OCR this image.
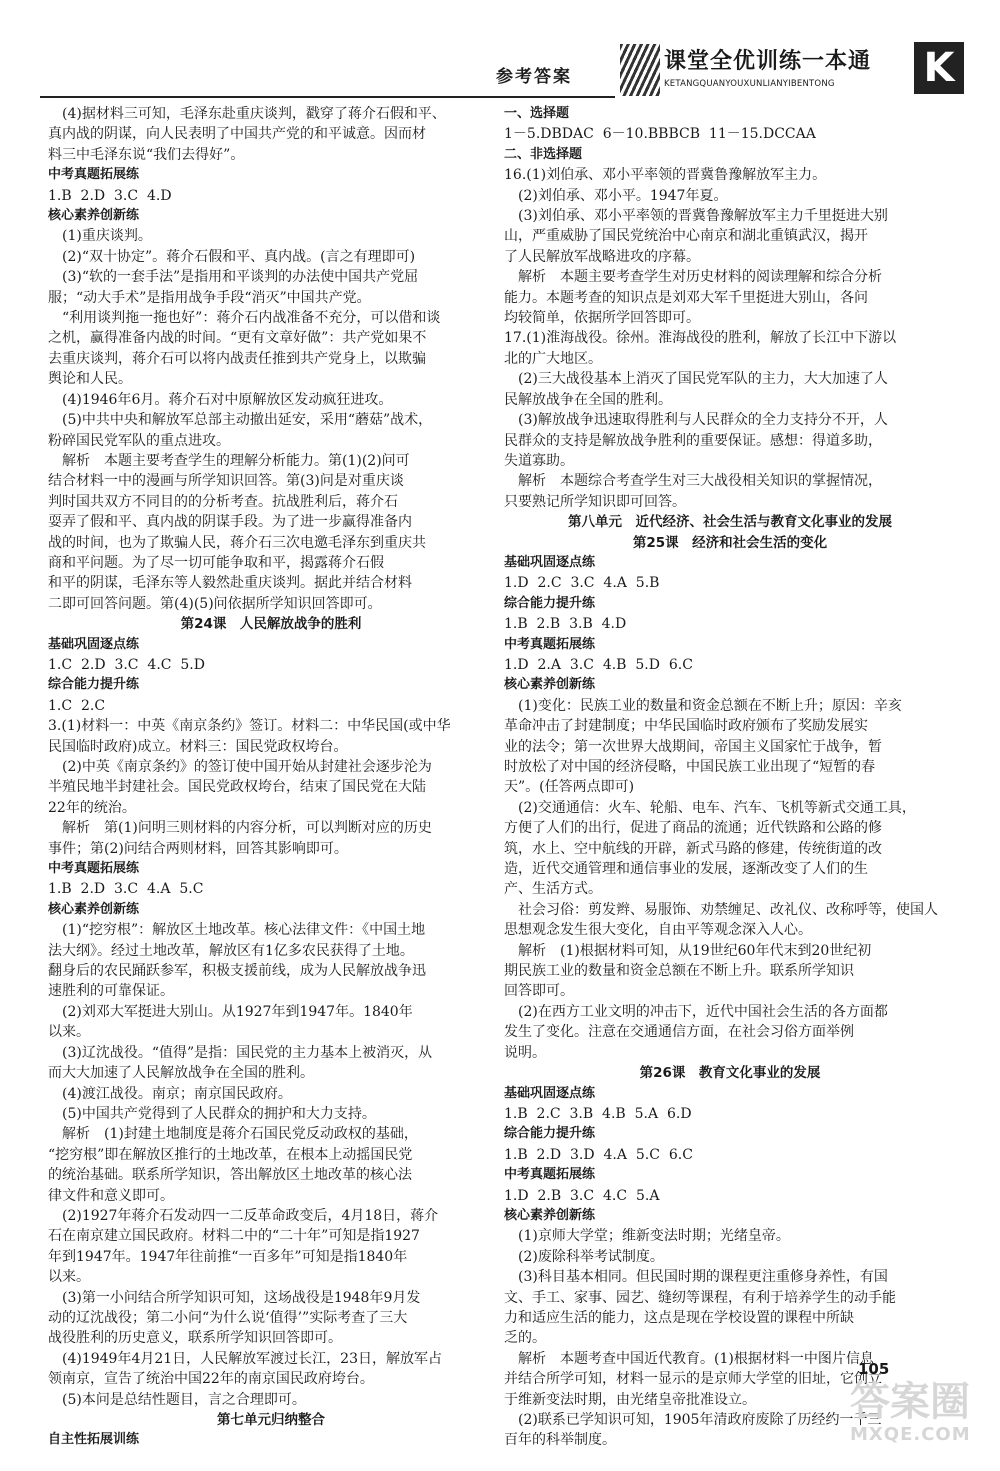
参考答案
课堂全优训练一本通
KETANGQUANYOUXUNLIANYIBENTONG	K

(4)据材料三可知，毛泽东赴重庆谈判，戳穿了蒋介石假和平、

真内战的阴谋，向人民表明了中国共产党的和平诚意。因而材

料三中毛泽东说“我们去得好”。

中考真题拓展练

1.B  2.D  3.C  4.D

核心素养创新练

(1)重庆谈判。

(2)“双十协定”。蒋介石假和平、真内战。(言之有理即可)

(3)“软的一套手法”是指用和平谈判的办法使中国共产党屈

服；“动大手术”是指用战争手段“消灭”中国共产党。

“利用谈判拖一拖也好”：蒋介石内战准备不充分，可以借和谈

之机，赢得准备内战的时间。“更有文章好做”：共产党如果不

去重庆谈判，蒋介石可以将内战责任推到共产党身上，以欺骗

舆论和人民。

(4)1946年6月。蒋介石对中原解放区发动疯狂进攻。

(5)中共中央和解放军总部主动撤出延安，采用“蘑菇”战术，

粉碎国民党军队的重点进攻。

解析　本题主要考查学生的理解分析能力。第(1)(2)问可

结合材料一中的漫画与所学知识回答。第(3)问是对重庆谈

判时国共双方不同目的的分析考查。抗战胜利后，蒋介石

耍弄了假和平、真内战的阴谋手段。为了进一步赢得准备内

战的时间，也为了欺骗人民，蒋介石三次电邀毛泽东到重庆共

商和平问题。为了尽一切可能争取和平，揭露蒋介石假

和平的阴谋，毛泽东等人毅然赴重庆谈判。据此并结合材料

二即可回答问题。第(4)(5)问依据所学知识回答即可。

第24课　人民解放战争的胜利

基础巩固逐点练

1.C  2.D  3.C  4.C  5.D

综合能力提升练

1.C  2.C

3.(1)材料一：中英《南京条约》签订。材料二：中华民国(或中华

民国临时政府)成立。材料三：国民党政权垮台。

(2)中英《南京条约》的签订使中国开始从封建社会逐步沦为

半殖民地半封建社会。国民党政权垮台，结束了国民党在大陆

22年的统治。

解析　第(1)问明三则材料的内容分析，可以判断对应的历史

事件；第(2)问结合两则材料，回答其影响即可。

中考真题拓展练

1.B  2.D  3.C  4.A  5.C

核心素养创新练

(1)“挖穷根”：解放区土地改革。核心法律文件：《中国土地

法大纲》。经过土地改革，解放区有1亿多农民获得了土地。

翻身后的农民踊跃参军，积极支援前线，成为人民解放战争迅

速胜利的可靠保证。

(2)刘邓大军挺进大别山。从1927年到1947年。1840年

以来。

(3)辽沈战役。“值得”是指：国民党的主力基本上被消灭，从

而大大加速了人民解放战争在全国的胜利。

(4)渡江战役。南京；南京国民政府。

(5)中国共产党得到了人民群众的拥护和大力支持。

解析　(1)封建土地制度是蒋介石国民党反动政权的基础，

“挖穷根”即在解放区推行的土地改革，在根本上动摇国民党

的统治基础。联系所学知识，答出解放区土地改革的核心法

律文件和意义即可。

(2)1927年蒋介石发动四一二反革命政变后，4月18日，蒋介

石在南京建立国民政府。材料二中的“二十年”可知是指1927

年到1947年。1947年往前推“一百多年”可知是指1840年

以来。

(3)第一小问结合所学知识可知，这场战役是1948年9月发

动的辽沈战役；第二小问“为什么说‘值得’”实际考查了三大

战役胜利的历史意义，联系所学知识回答即可。

(4)1949年4月21日，人民解放军渡过长江，23日，解放军占

领南京，宣告了统治中国22年的南京国民政府垮台。

(5)本问是总结性题目，言之合理即可。

第七单元归纳整合

自主性拓展训练

一、选择题

1－5.DBDAC  6－10.BBBCB  11－15.DCCAA

二、非选择题

16.(1)刘伯承、邓小平率领的晋冀鲁豫解放军主力。

(2)刘伯承、邓小平。1947年夏。

(3)刘伯承、邓小平率领的晋冀鲁豫解放军主力千里挺进大别

山，严重威胁了国民党统治中心南京和湖北重镇武汉，揭开

了人民解放军战略进攻的序幕。

解析　本题主要考查学生对历史材料的阅读理解和综合分析

能力。本题考查的知识点是刘邓大军千里挺进大别山，各问

均较简单，依据所学回答即可。

17.(1)淮海战役。徐州。淮海战役的胜利，解放了长江中下游以

北的广大地区。

(2)三大战役基本上消灭了国民党军队的主力，大大加速了人

民解放战争在全国的胜利。

(3)解放战争迅速取得胜利与人民群众的全力支持分不开，人

民群众的支持是解放战争胜利的重要保证。感想：得道多助，

失道寡助。

解析　本题综合考查学生对三大战役相关知识的掌握情况，

只要熟记所学知识即可回答。

第八单元　近代经济、社会生活与教育文化事业的发展

第25课　经济和社会生活的变化

基础巩固逐点练

1.D  2.C  3.C  4.A  5.B

综合能力提升练

1.B  2.B  3.B  4.D

中考真题拓展练

1.D  2.A  3.C  4.B  5.D  6.C

核心素养创新练

(1)变化：民族工业的数量和资金总额在不断上升；原因：辛亥

革命冲击了封建制度；中华民国临时政府颁布了奖励发展实

业的法令；第一次世界大战期间，帝国主义国家忙于战争，暂

时放松了对中国的经济侵略，中国民族工业出现了“短暂的春

天”。(任答两点即可)

(2)交通通信：火车、轮船、电车、汽车、飞机等新式交通工具，

方便了人们的出行，促进了商品的流通；近代铁路和公路的修

筑，水上、空中航线的开辟，新式马路的修建，传统街道的改

造，近代交通管理和通信事业的发展，逐渐改变了人们的生

产、生活方式。

社会习俗：剪发辫、易服饰、劝禁缠足、改礼仪、改称呼等，使国人

思想观念发生很大变化，自由平等观念深入人心。

解析　(1)根据材料可知，从19世纪60年代末到20世纪初

期民族工业的数量和资金总额在不断上升。联系所学知识

回答即可。

(2)在西方工业文明的冲击下，近代中国社会生活的各方面都

发生了变化。注意在交通通信方面，在社会习俗方面举例

说明。

第26课　教育文化事业的发展

基础巩固逐点练

1.B  2.C  3.B  4.B  5.A  6.D

综合能力提升练

1.B  2.D  3.D  4.A  5.C  6.C

中考真题拓展练

1.D  2.B  3.C  4.C  5.A

核心素养创新练

(1)京师大学堂；维新变法时期；光绪皇帝。

(2)废除科举考试制度。

(3)科目基本相同。但民国时期的课程更注重修身养性，有国

文、手工、家事、园艺、缝纫等课程，有利于培养学生的动手能

力和适应生活的能力，这点是现在学校设置的课程中所缺

乏的。

解析　本题考查中国近代教育。(1)根据材料一中图片信息

并结合所学可知，材料一显示的是京师大学堂的旧址，它创立

于维新变法时期，由光绪皇帝批准设立。

(2)联系已学知识可知，1905年清政府废除了历经约一千三

百年的科举制度。

105
答案圈
MXQE.COM
